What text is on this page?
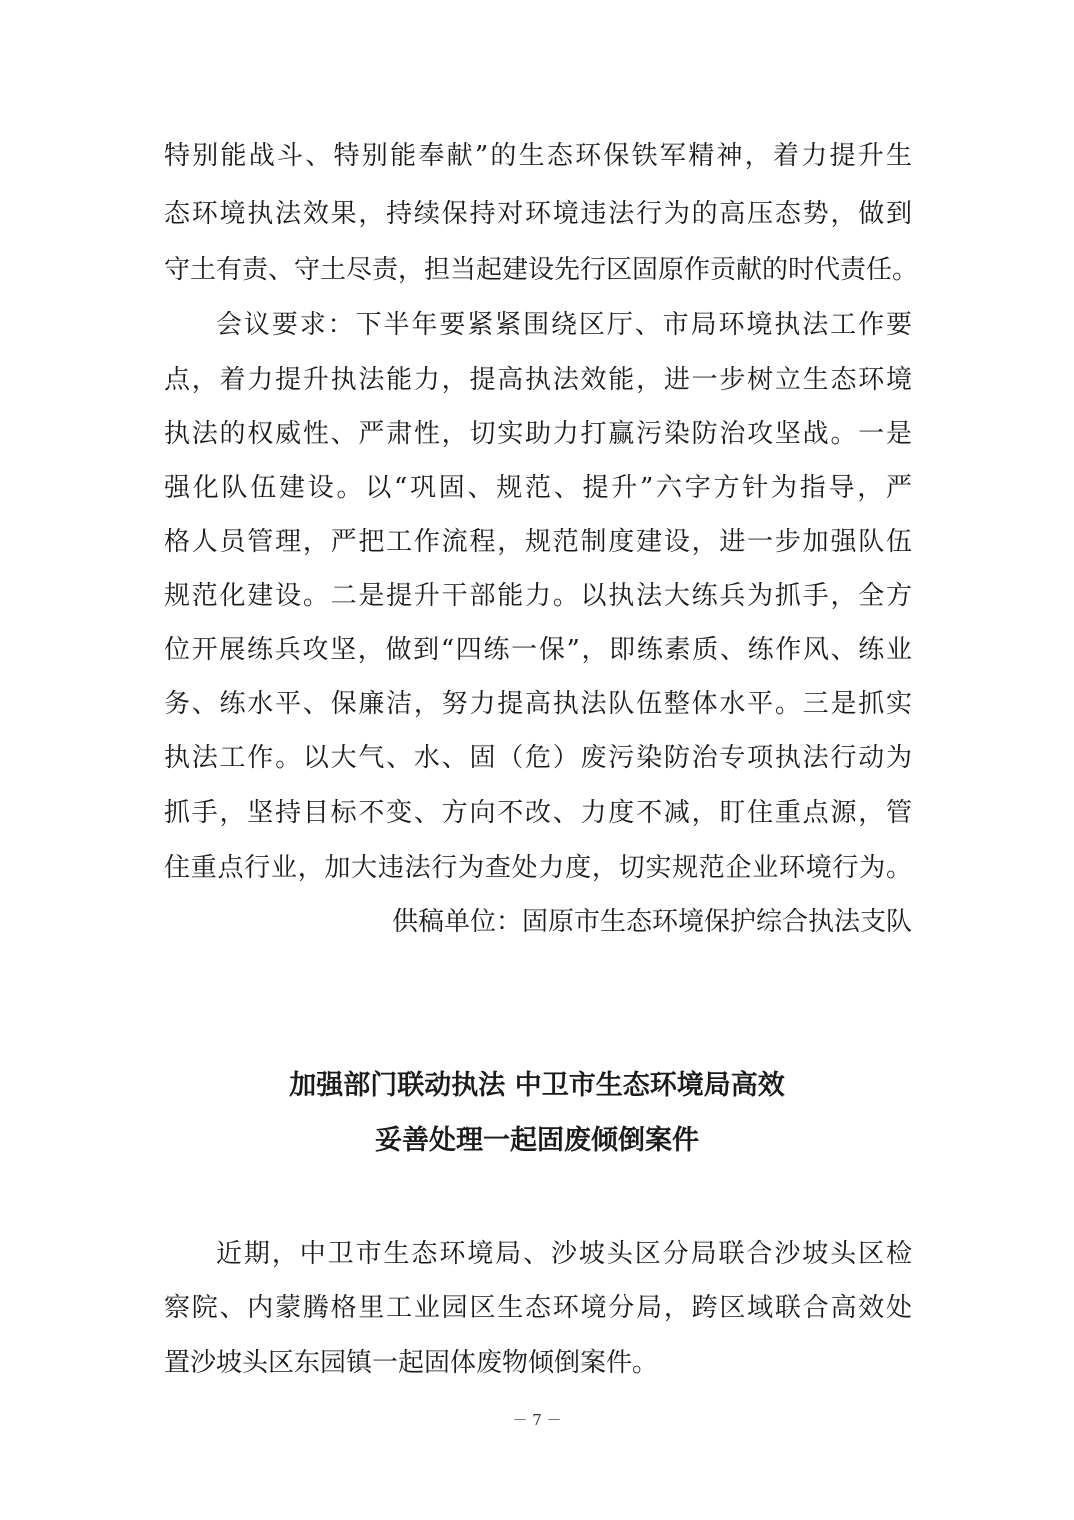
特别能战斗、特别能奉献”的生态环保铁军精神，着力提升生
态环境执法效果，持续保持对环境违法行为的高压态势，做到
守土有责、守土尽责，担当起建设先行区固原作贡献的时代责任。
会议要求：下半年要紧紧围绕区厅、市局环境执法工作要
点，着力提升执法能力，提高执法效能，进一步树立生态环境
执法的权威性、严肃性，切实助力打赢污染防治攻坚战。一是
强化队伍建设。以“巩固、规范、提升”六字方针为指导，严
格人员管理，严把工作流程，规范制度建设，进一步加强队伍
规范化建设。二是提升干部能力。以执法大练兵为抓手，全方
位开展练兵攻坚，做到“四练一保”，即练素质、练作风、练业
务、练水平、保廉洁，努力提高执法队伍整体水平。三是抓实
执法工作。以大气、水、固（危）废污染防治专项执法行动为
抓手，坚持目标不变、方向不改、力度不减，盯住重点源，管
住重点行业，加大违法行为查处力度，切实规范企业环境行为。
供稿单位：固原市生态环境保护综合执法支队
加强部门联动执法 中卫市生态环境局高效
妥善处理一起固废倾倒案件
近期，中卫市生态环境局、沙坡头区分局联合沙坡头区检
察院、内蒙腾格里工业园区生态环境分局，跨区域联合高效处
置沙坡头区东园镇一起固体废物倾倒案件。
－ 7 －
